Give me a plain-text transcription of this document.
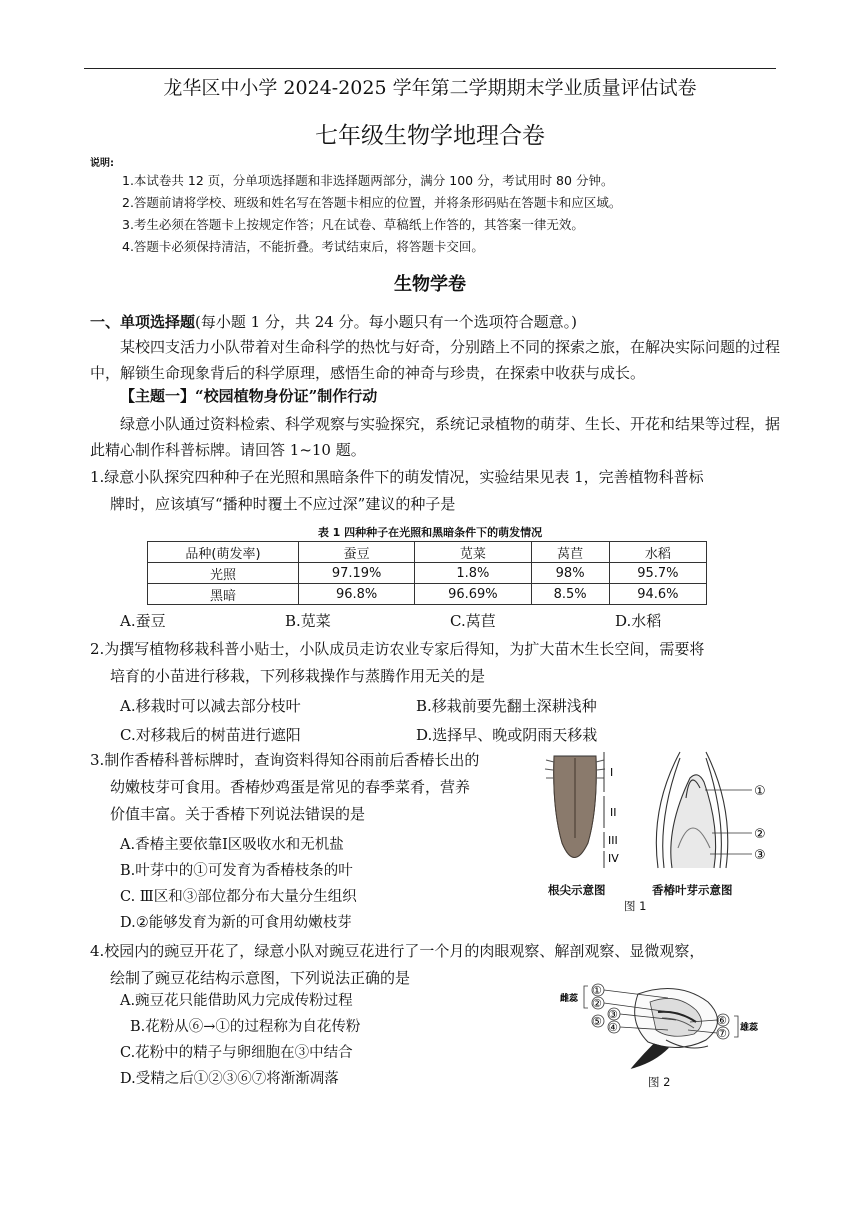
龙华区中小学 2024-2025 学年第二学期期末学业质量评估试卷
七年级生物学地理合卷
说明:
1.本试卷共 12 页，分单项选择题和非选择题两部分，满分 100 分，考试用时 80 分钟。
2.答题前请将学校、班级和姓名写在答题卡相应的位置，并将条形码贴在答题卡和应区域。
3.考生必须在答题卡上按规定作答；凡在试卷、草稿纸上作答的，其答案一律无效。
4.答题卡必须保持清洁，不能折叠。考试结束后，将答题卡交回。
生物学卷
一、单项选择题(每小题 1 分，共 24 分。每小题只有一个选项符合题意。)
某校四支活力小队带着对生命科学的热忱与好奇，分别踏上不同的探索之旅，在解决实际问题的过程中，解锁生命现象背后的科学原理，感悟生命的神奇与珍贵，在探索中收获与成长。
【主题一】“校园植物身份证”制作行动
绿意小队通过资料检索、科学观察与实验探究，系统记录植物的萌芽、生长、开花和结果等过程，据此精心制作科普标牌。请回答 1~10 题。
1.绿意小队探究四种种子在光照和黑暗条件下的萌发情况，实验结果见表 1，完善植物科普标
牌时，应该填写“播种时覆土不应过深”建议的种子是
表 1 四种种子在光照和黑暗条件下的萌发情况
品种(萌发率)	蚕豆	苋菜	莴苣	水稻
光照	97.19%	1.8%	98%	95.7%
黑暗	96.8%	96.69%	8.5%	94.6%
A.蚕豆	B.苋菜	C.莴苣	D.水稻
2.为撰写植物移栽科普小贴士，小队成员走访农业专家后得知，为扩大苗木生长空间，需要将
培育的小苗进行移栽，下列移栽操作与蒸腾作用无关的是
A.移栽时可以减去部分枝叶	B.移栽前要先翻土深耕浅种
C.对移栽后的树苗进行遮阳	D.选择早、晚或阴雨天移栽
3.制作香椿科普标牌时，查询资料得知谷雨前后香椿长出的
幼嫩枝芽可食用。香椿炒鸡蛋是常见的春季菜肴，营养
价值丰富。关于香椿下列说法错误的是
A.香椿主要依靠Ⅰ区吸收水和无机盐
B.叶芽中的①可发育为香椿枝条的叶
C. Ⅲ区和③部位都分布大量分生组织
D.②能够发育为新的可食用幼嫩枝芽
I
II
III
IV
①
②
③
根尖示意图	香椿叶芽示意图
图 1
4.校园内的豌豆开花了，绿意小队对豌豆花进行了一个月的肉眼观察、解剖观察、显微观察，
绘制了豌豆花结构示意图，下列说法正确的是
A.豌豆花只能借助风力完成传粉过程
B.花粉从⑥→①的过程称为自花传粉
C.花粉中的精子与卵细胞在③中结合
D.受精之后①②③⑥⑦将渐渐凋落
①
②
③
④
⑤	⑥
⑦
雌蕊
雄蕊
图 2
